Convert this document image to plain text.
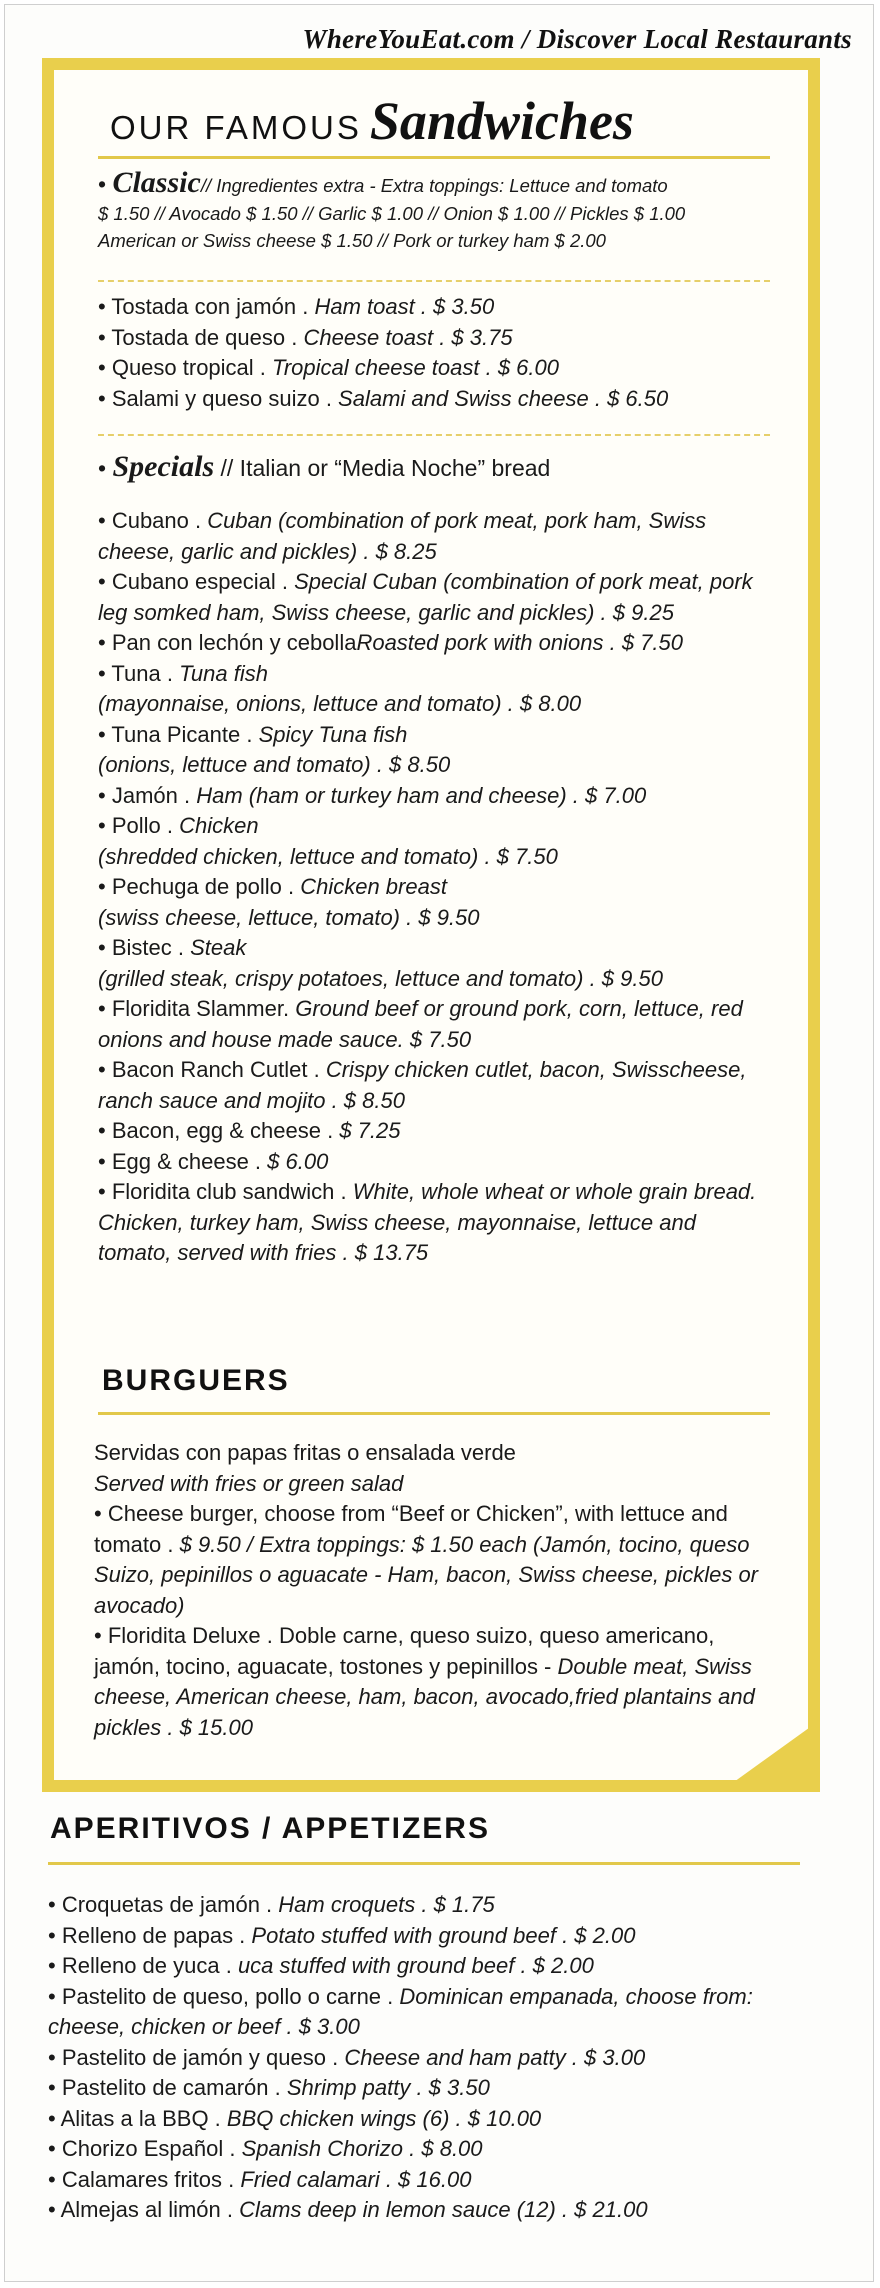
WhereYouEat.com / Discover Local Restaurants
OUR FAMOUS Sandwiches

• Classic// Ingredientes extra - Extra toppings: Lettuce and tomato

$ 1.50 // Avocado $ 1.50 // Garlic $ 1.00 // Onion $ 1.00 // Pickles $ 1.00

American or Swiss cheese $ 1.50 // Pork or turkey ham $ 2.00

• Tostada con jamón . Ham toast . $ 3.50

• Tostada de queso . Cheese toast . $ 3.75

• Queso tropical . Tropical cheese toast . $ 6.00

• Salami y queso suizo . Salami and Swiss cheese . $ 6.50

• Specials // Italian or “Media Noche” bread

• Cubano . Cuban (combination of pork meat, pork ham, Swiss cheese, garlic and pickles) . $ 8.25

• Cubano especial . Special Cuban (combination of pork meat, pork leg somked ham, Swiss cheese, garlic and pickles) . $ 9.25

• Pan con lechón y cebollaRoasted pork with onions . $ 7.50

• Tuna . Tuna fish

(mayonnaise, onions, lettuce and tomato) . $ 8.00

• Tuna Picante . Spicy Tuna fish

(onions, lettuce and tomato) . $ 8.50

• Jamón . Ham (ham or turkey ham and cheese) . $ 7.00

• Pollo . Chicken

(shredded chicken, lettuce and tomato) . $ 7.50

• Pechuga de pollo . Chicken breast

(swiss cheese, lettuce, tomato) . $ 9.50

• Bistec . Steak

(grilled steak, crispy potatoes, lettuce and tomato) . $ 9.50

• Floridita Slammer. Ground beef or ground pork, corn, lettuce, red onions and house made sauce. $ 7.50

• Bacon Ranch Cutlet . Crispy chicken cutlet, bacon, Swisscheese, ranch sauce and mojito . $ 8.50

• Bacon, egg & cheese . $ 7.25

• Egg & cheese . $ 6.00

• Floridita club sandwich . White, whole wheat or whole grain bread. Chicken, turkey ham, Swiss cheese, mayonnaise, lettuce and tomato, served with fries . $ 13.75

BURGUERS

Servidas con papas fritas o ensalada verde

Served with fries or green salad

• Cheese burger, choose from “Beef or Chicken”, with lettuce and tomato . $ 9.50 / Extra toppings: $ 1.50 each (Jamón, tocino, queso Suizo, pepinillos o aguacate - Ham, bacon, Swiss cheese, pickles or avocado)

• Floridita Deluxe . Doble carne, queso suizo, queso americano, jamón, tocino, aguacate, tostones y pepinillos - Double meat, Swiss cheese, American cheese, ham, bacon, avocado,fried plantains and pickles . $ 15.00

APERITIVOS / APPETIZERS

• Croquetas de jamón . Ham croquets . $ 1.75

• Relleno de papas . Potato stuffed with ground beef . $ 2.00

• Relleno de yuca . uca stuffed with ground beef . $ 2.00

• Pastelito de queso, pollo o carne . Dominican empanada, choose from: cheese, chicken or beef . $ 3.00

• Pastelito de jamón y queso . Cheese and ham patty . $ 3.00

• Pastelito de camarón . Shrimp patty . $ 3.50

• Alitas a la BBQ . BBQ chicken wings (6) . $ 10.00

• Chorizo Español . Spanish Chorizo . $ 8.00

• Calamares fritos . Fried calamari . $ 16.00

• Almejas al limón . Clams deep in lemon sauce (12) . $ 21.00
